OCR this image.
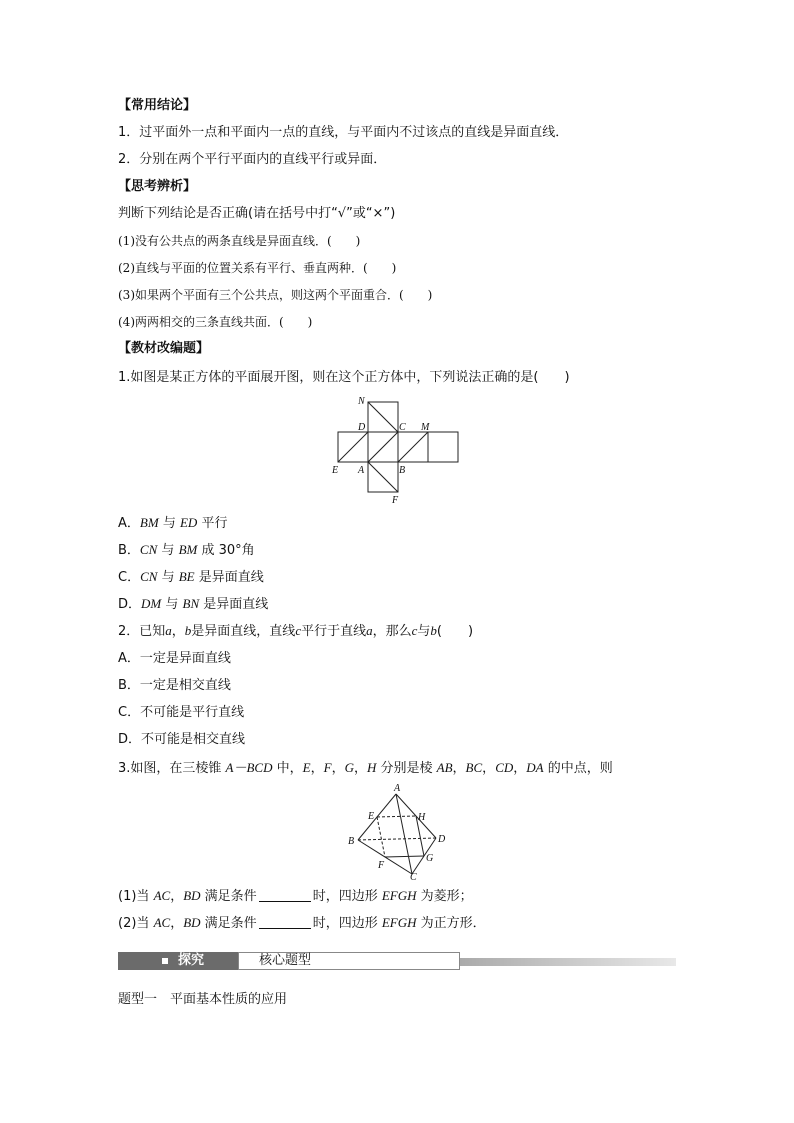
【常用结论】
1．过平面外一点和平面内一点的直线，与平面内不过该点的直线是异面直线．
2．分别在两个平行平面内的直线平行或异面．
【思考辨析】
判断下列结论是否正确(请在括号中打“√”或“×”)
(1)没有公共点的两条直线是异面直线．(　　)
(2)直线与平面的位置关系有平行、垂直两种．(　　)
(3)如果两个平面有三个公共点，则这两个平面重合．(　　)
(4)两两相交的三条直线共面．(　　)
【教材改编题】
1.如图是某正方体的平面展开图，则在这个正方体中，下列说法正确的是(　　)
N
D	C M
E A	B
F
A．BM 与 ED 平行
B．CN 与 BM 成 30°角
C．CN 与 BE 是异面直线
D．DM 与 BN 是异面直线
2．已知a，b是异面直线，直线c平行于直线a，那么c与b(　　)
A．一定是异面直线
B．一定是相交直线
C．不可能是平行直线
D．不可能是相交直线
3.如图，在三棱锥 A－BCD 中，E，F，G，H 分别是棱 AB，BC，CD，DA 的中点，则
A
E	H
B	D
F
G
C
(1)当 AC，BD 满足条件	时，四边形 EFGH 为菱形；
(2)当 AC，BD 满足条件	时，四边形 EFGH 为正方形．
探究	核心题型
题型一　平面基本性质的应用
